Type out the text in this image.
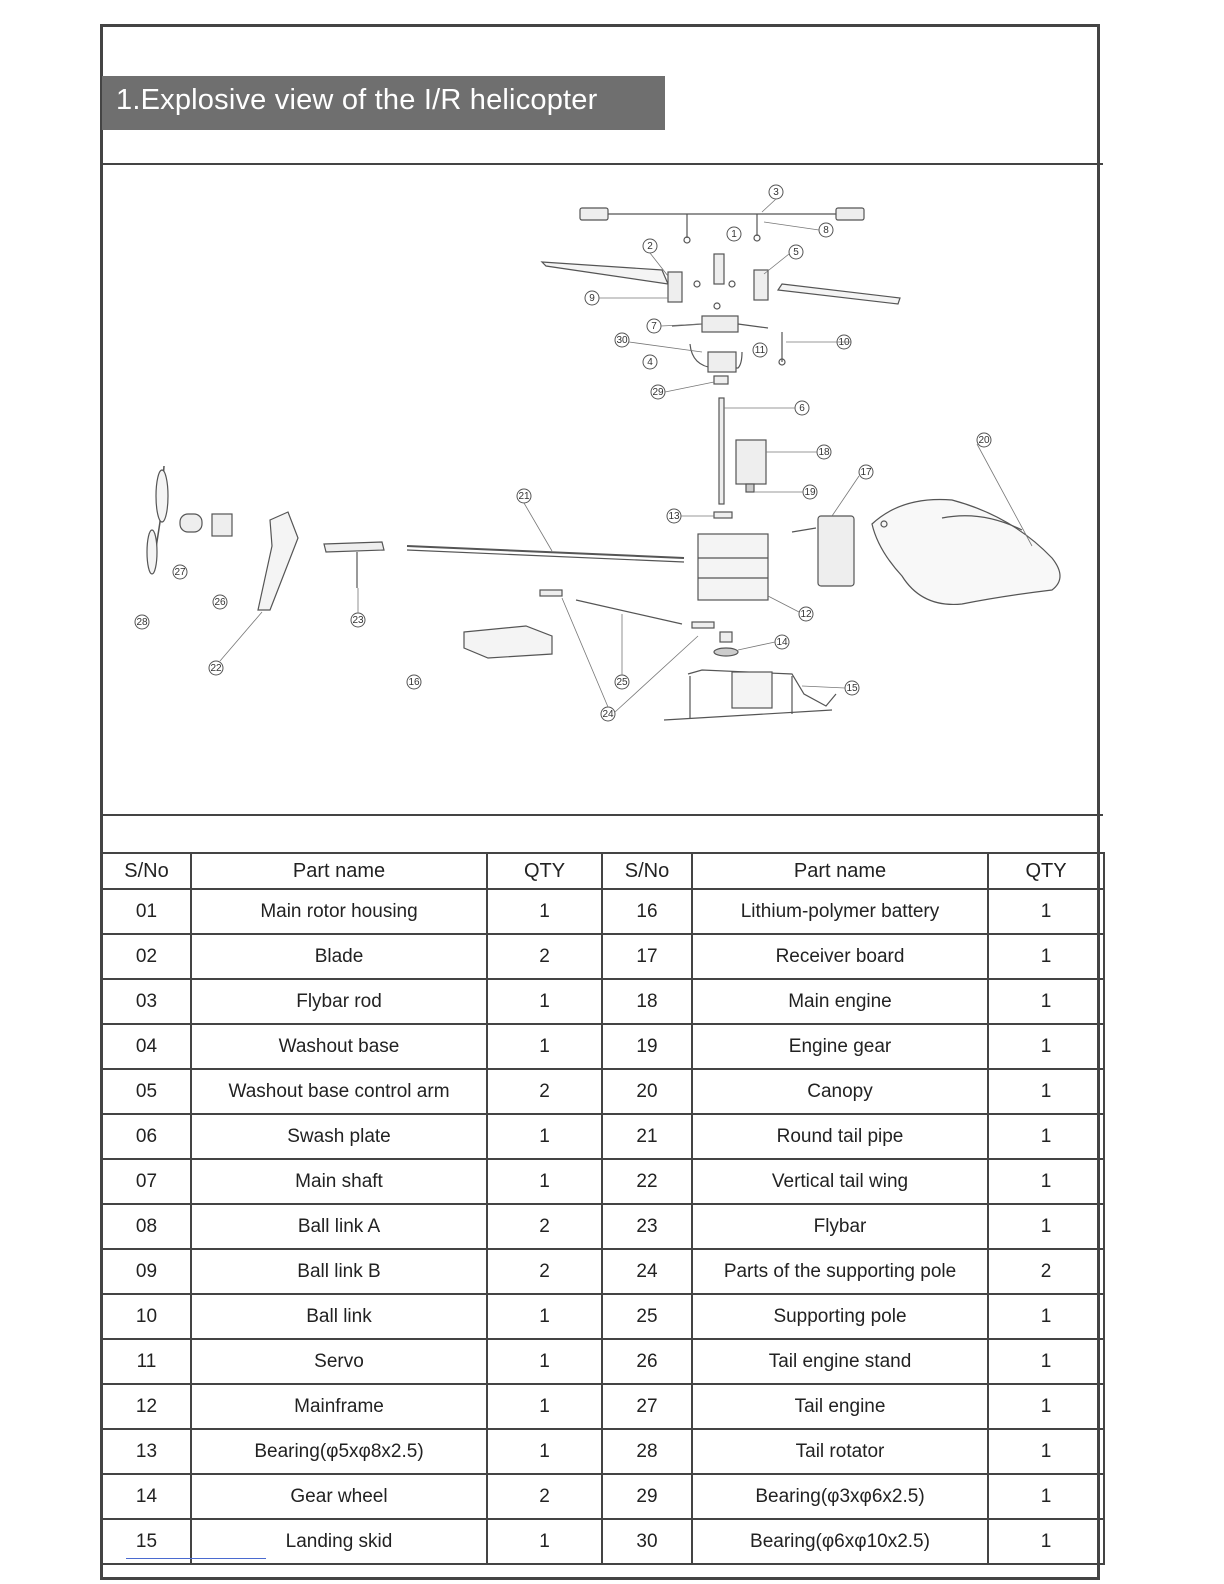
1.Explosive view of the I/R helicopter
3
8
1
2
5
9
7
30
11
10
4
29
6
20
18
17
19
21
13
27
26
28	23
12
14
22
16	25
15
24
S/No	Part name	QTY	S/No	Part name	QTY
01	Main rotor housing	1	16	Lithium-polymer battery	1
02	Blade	2	17	Receiver board	1
03	Flybar rod	1	18	Main engine	1
04	Washout base	1	19	Engine gear	1
05	Washout base control arm	2	20	Canopy	1
06	Swash plate	1	21	Round tail pipe	1
07	Main shaft	1	22	Vertical tail wing	1
08	Ball link A	2	23	Flybar	1
09	Ball link B	2	24	Parts of the supporting pole	2
10	Ball link	1	25	Supporting pole	1
11	Servo	1	26	Tail engine stand	1
12	Mainframe	1	27	Tail engine	1
13	Bearing(φ5xφ8x2.5)	1	28	Tail rotator	1
14	Gear wheel	2	29	Bearing(φ3xφ6x2.5)	1
15	Landing skid	1	30	Bearing(φ6xφ10x2.5)	1
